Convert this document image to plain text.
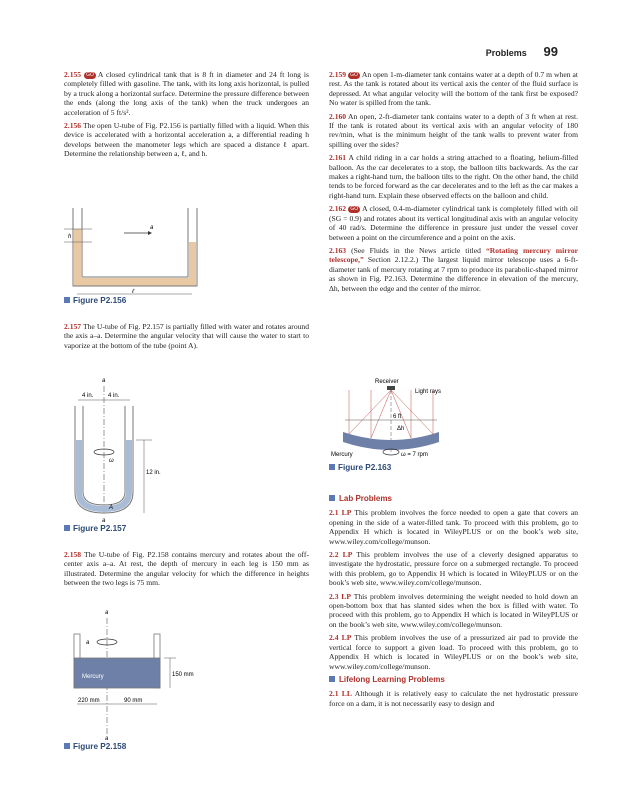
Problems 99

2.155 GO A closed cylindrical tank that is 8 ft in diameter and 24 ft long is completely filled with gasoline. The tank, with its long axis horizontal, is pulled by a truck along a horizontal surface. Determine the pressure difference between the ends (along the long axis of the tank) when the truck undergoes an acceleration of 5 ft/s².

2.156 The open U-tube of Fig. P2.156 is partially filled with a liquid. When this device is accelerated with a horizontal acceleration a, a differential reading h develops between the manometer legs which are spaced a distance ℓ apart. Determine the relationship between a, ℓ, and h.

h
a
ℓ
Figure P2.156

2.157 The U-tube of Fig. P2.157 is partially filled with water and rotates around the axis a–a. Determine the angular velocity that will cause the water to start to vaporize at the bottom of the tube (point A).

a
4 in. 4 in.
ω
12 in.
A
a
Figure P2.157

2.158 The U-tube of Fig. P2.158 contains mercury and rotates about the off-center axis a–a. At rest, the depth of mercury in each leg is 150 mm as illustrated. Determine the angular velocity for which the difference in heights between the two legs is 75 mm.

a
a
Mercury	150 mm
220 mm	90 mm
a
Figure P2.158

2.159 GO An open 1-m-diameter tank contains water at a depth of 0.7 m when at rest. As the tank is rotated about its vertical axis the center of the fluid surface is depressed. At what angular velocity will the bottom of the tank first be exposed? No water is spilled from the tank.

2.160 An open, 2-ft-diameter tank contains water to a depth of 3 ft when at rest. If the tank is rotated about its vertical axis with an angular velocity of 180 rev/min, what is the minimum height of the tank walls to prevent water from spilling over the sides?

2.161 A child riding in a car holds a string attached to a floating, helium-filled balloon. As the car decelerates to a stop, the balloon tilts backwards. As the car makes a right-hand turn, the balloon tilts to the right. On the other hand, the child tends to be forced forward as the car decelerates and to the left as the car makes a right-hand turn. Explain these observed effects on the balloon and child.

2.162 GO A closed, 0.4-m-diameter cylindrical tank is completely filled with oil (SG = 0.9) and rotates about its vertical longitudinal axis with an angular velocity of 40 rad/s. Determine the difference in pressure just under the vessel cover between a point on the circumference and a point on the axis.

2.163 (See Fluids in the News article titled “Rotating mercury mirror telescope,” Section 2.12.2.) The largest liquid mirror telescope uses a 6-ft-diameter tank of mercury rotating at 7 rpm to produce its parabolic-shaped mirror as shown in Fig. P2.163. Determine the difference in elevation of the mercury, Δh, between the edge and the center of the mirror.

Receiver
Light rays
6 ft
Δh
Mercury	ω = 7 rpm
Figure P2.163
Lab Problems

2.1 LP This problem involves the force needed to open a gate that covers an opening in the side of a water-filled tank. To proceed with this problem, go to Appendix H which is located in WileyPLUS or on the book’s web site, www.wiley.com/college/munson.

2.2 LP This problem involves the use of a cleverly designed apparatus to investigate the hydrostatic, pressure force on a submerged rectangle. To proceed with this problem, go to Appendix H which is located in WileyPLUS or on the book’s web site, www.wiley.com/college/munson.

2.3 LP This problem involves determining the weight needed to hold down an open-bottom box that has slanted sides when the box is filled with water. To proceed with this problem, go to Appendix H which is located in WileyPLUS or on the book’s web site, www.wiley.com/college/munson.

2.4 LP This problem involves the use of a pressurized air pad to provide the vertical force to support a given load. To proceed with this problem, go to Appendix H which is located in WileyPLUS or on the book’s web site, www.wiley.com/college/munson.

Lifelong Learning Problems

2.1 LL Although it is relatively easy to calculate the net hydrostatic pressure force on a dam, it is not necessarily easy to design and
